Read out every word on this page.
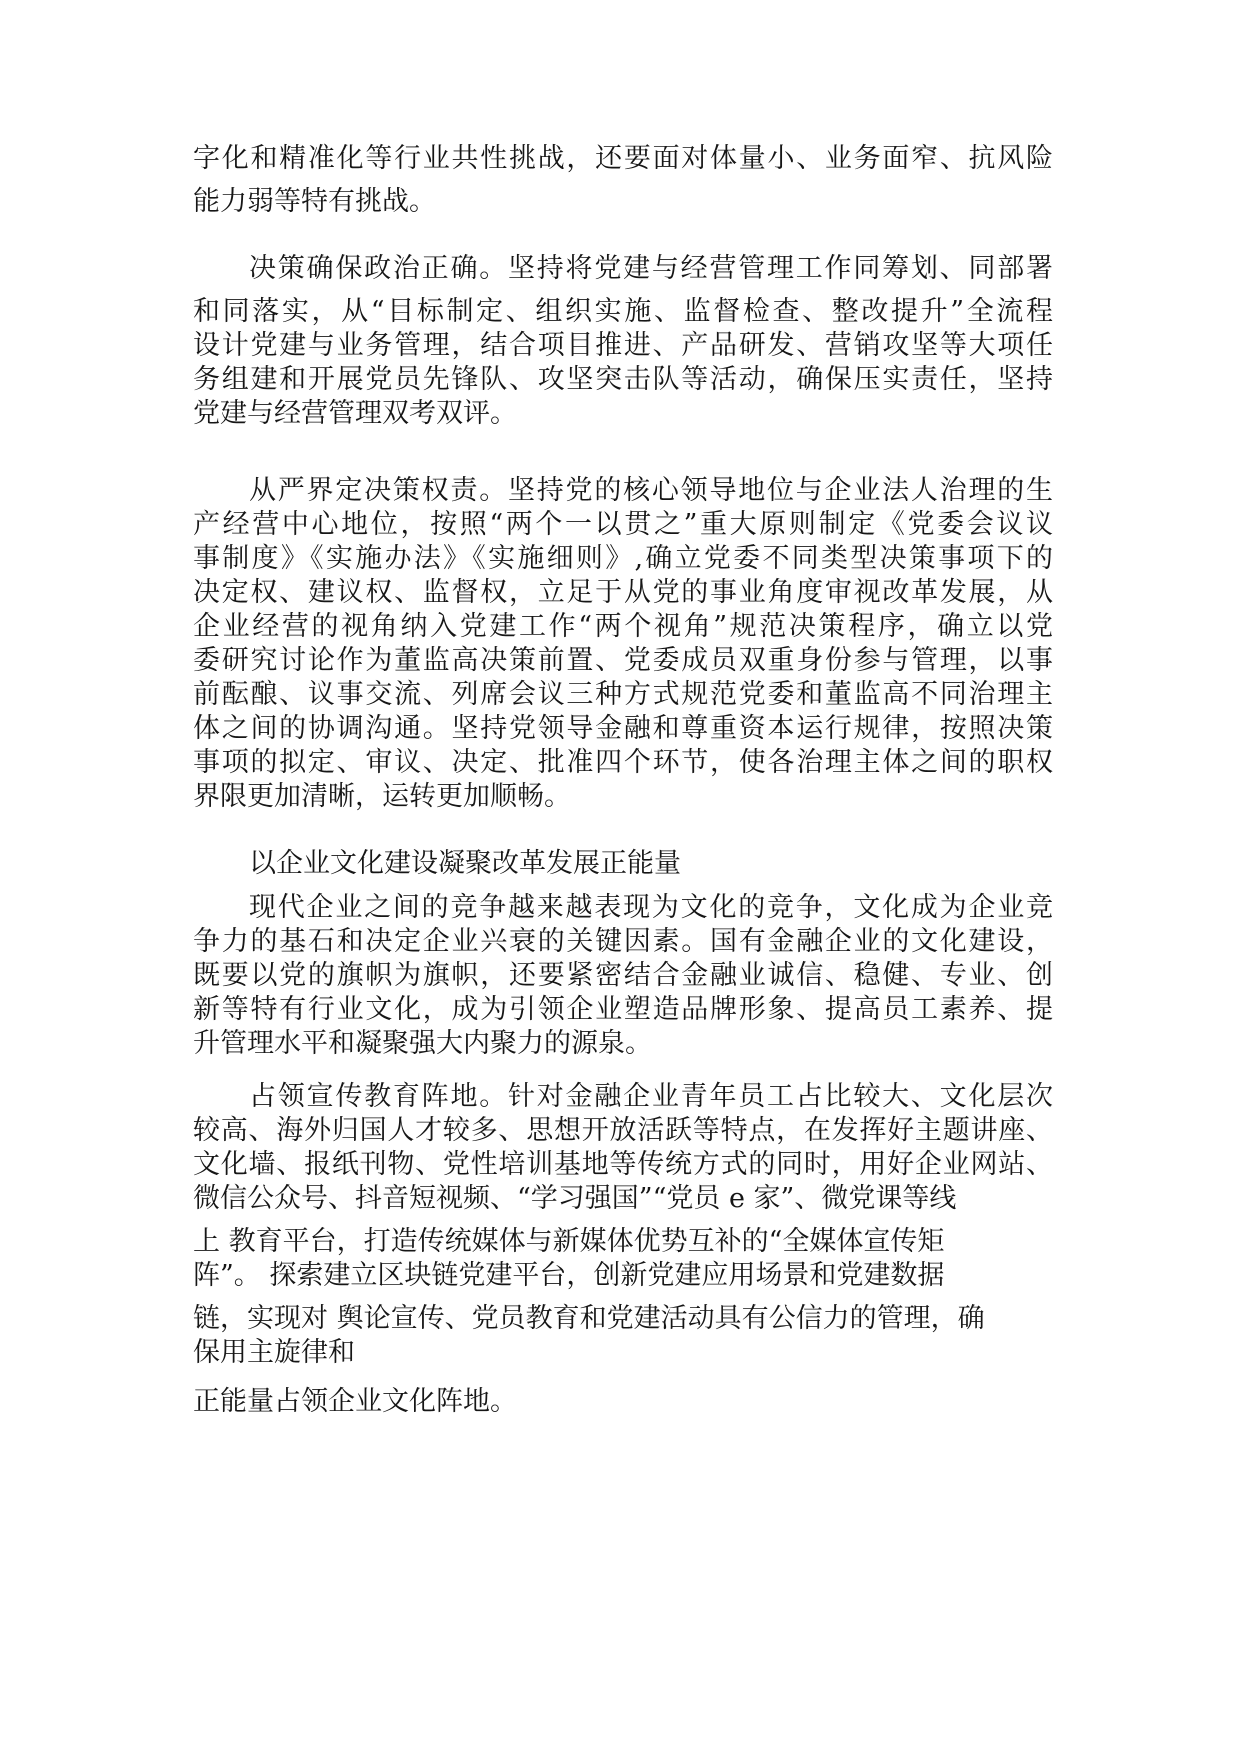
字化和精准化等行业共性挑战，还要面对体量小、业务面窄、抗风险

能力弱等特有挑战。

决策确保政治正确。坚持将党建与经营管理工作同筹划、同部署

和同落实，从“目标制定、组织实施、监督检查、整改提升”全流程

设计党建与业务管理，结合项目推进、产品研发、营销攻坚等大项任

务组建和开展党员先锋队、攻坚突击队等活动，确保压实责任，坚持

党建与经营管理双考双评。

从严界定决策权责。坚持党的核心领导地位与企业法人治理的生

产经营中心地位，按照“两个一以贯之”重大原则制定《党委会议议

事制度》《实施办法》《实施细则》,确立党委不同类型决策事项下的

决定权、建议权、监督权，立足于从党的事业角度审视改革发展，从

企业经营的视角纳入党建工作“两个视角”规范决策程序，确立以党

委研究讨论作为董监高决策前置、党委成员双重身份参与管理，以事

前酝酿、议事交流、列席会议三种方式规范党委和董监高不同治理主

体之间的协调沟通。坚持党领导金融和尊重资本运行规律，按照决策

事项的拟定、审议、决定、批准四个环节，使各治理主体之间的职权

界限更加清晰，运转更加顺畅。

以企业文化建设凝聚改革发展正能量

现代企业之间的竞争越来越表现为文化的竞争，文化成为企业竞

争力的基石和决定企业兴衰的关键因素。国有金融企业的文化建设，

既要以党的旗帜为旗帜，还要紧密结合金融业诚信、稳健、专业、创

新等特有行业文化，成为引领企业塑造品牌形象、提高员工素养、提

升管理水平和凝聚强大内聚力的源泉。

占领宣传教育阵地。针对金融企业青年员工占比较大、文化层次

较高、海外归国人才较多、思想开放活跃等特点，在发挥好主题讲座、

文化墙、报纸刊物、党性培训基地等传统方式的同时，用好企业网站、

微信公众号、抖音短视频、“学习强国”“党员 e 家”、微党课等线

上 教育平台，打造传统媒体与新媒体优势互补的“全媒体宣传矩

阵”。 探索建立区块链党建平台，创新党建应用场景和党建数据

链，实现对 舆论宣传、党员教育和党建活动具有公信力的管理，确

保用主旋律和

正能量占领企业文化阵地。
